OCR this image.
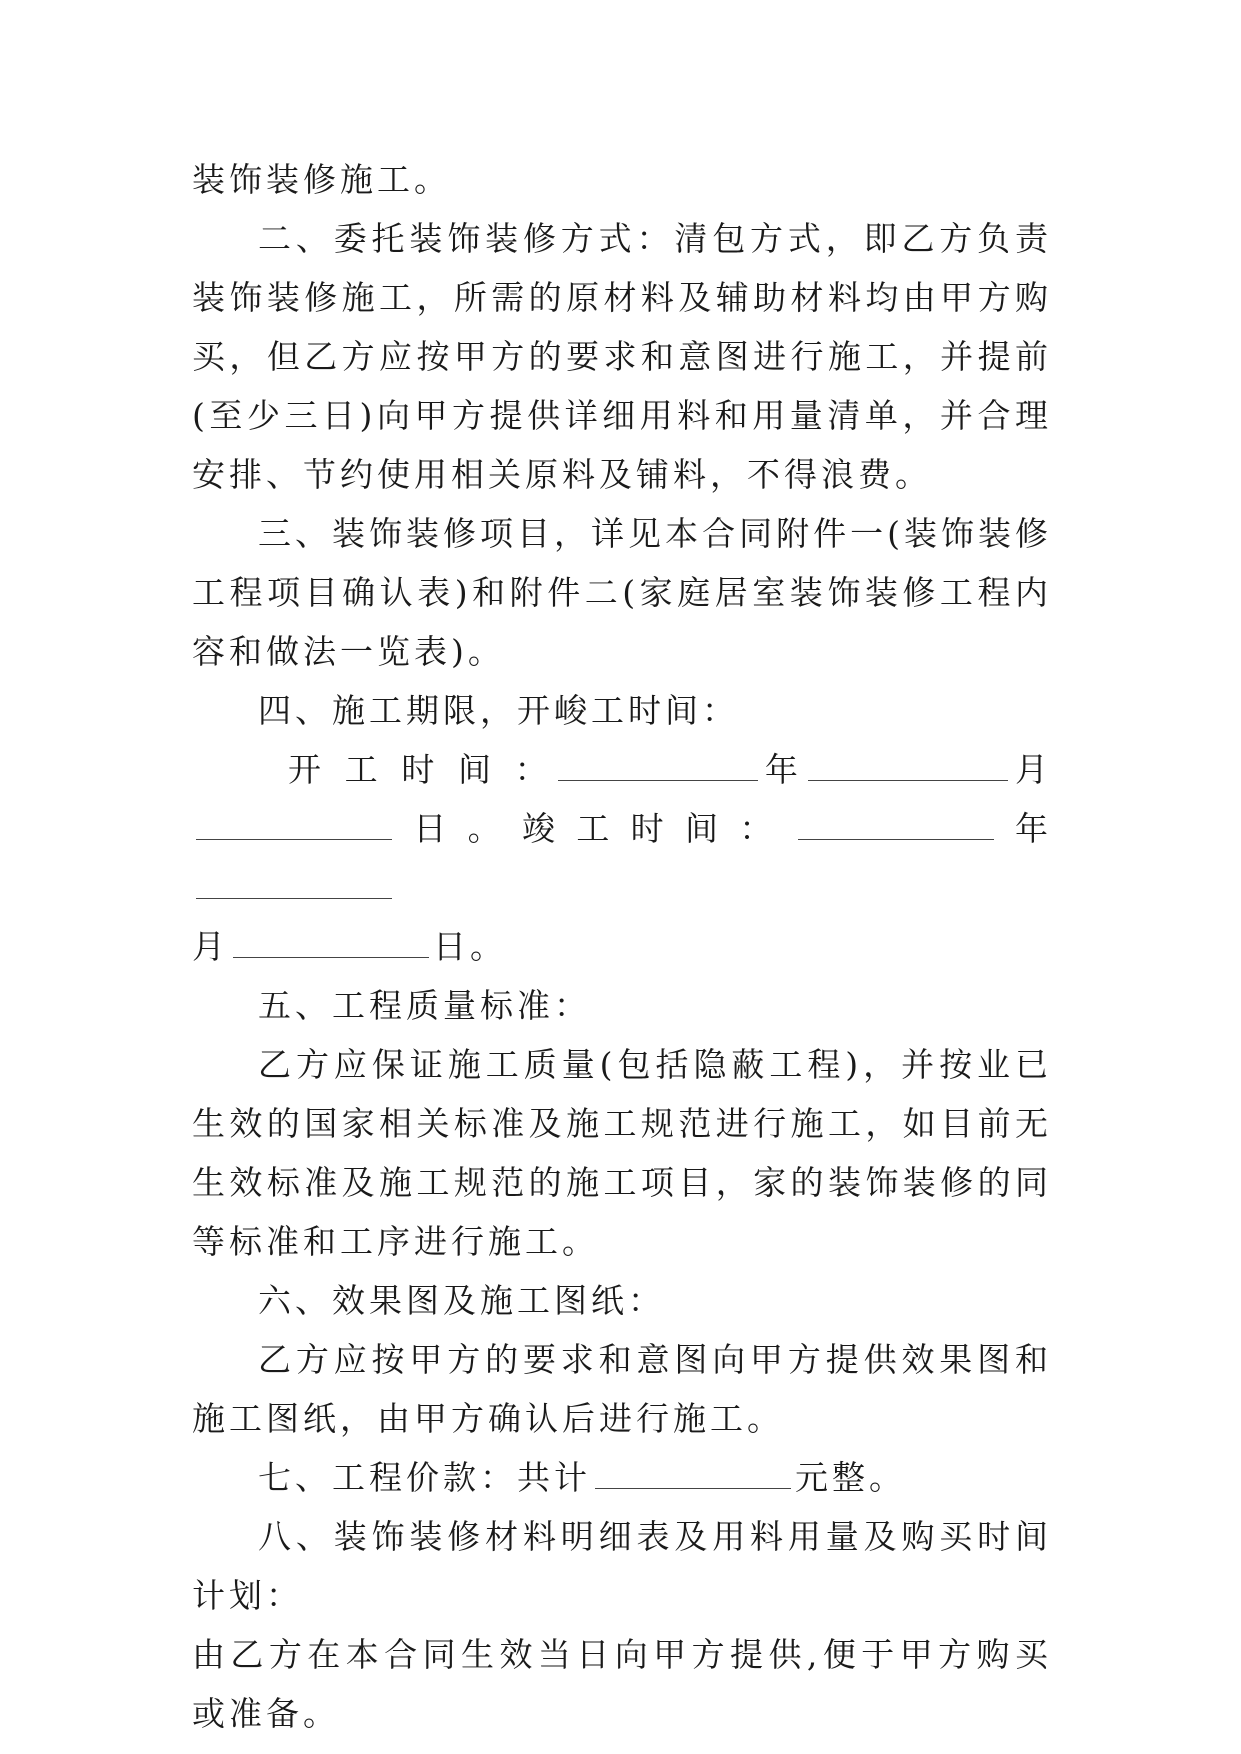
装饰装修施工。

二、委托装饰装修方式：清包方式，即乙方负责装饰装修施工，所需的原材料及辅助材料均由甲方购买，但乙方应按甲方的要求和意图进行施工，并提前(至少三日)向甲方提供详细用料和用量清单，并合理安排、节约使用相关原料及铺料，不得浪费。

三、装饰装修项目，详见本合同附件一(装饰装修工程项目确认表)和附件二(家庭居室装饰装修工程内容和做法一览表)。

四、施工期限，开峻工时间：

开 工 时 间 ：	年	月

日。竣工时间：	年

月	日。

五、工程质量标准：

乙方应保证施工质量(包括隐蔽工程)，并按业已生效的国家相关标准及施工规范进行施工，如目前无生效标准及施工规范的施工项目，家的装饰装修的同等标准和工序进行施工。

六、效果图及施工图纸：

乙方应按甲方的要求和意图向甲方提供效果图和施工图纸，由甲方确认后进行施工。

七、工程价款：共计	元整。

八、装饰装修材料明细表及用料用量及购买时间计划：

由乙方在本合同生效当日向甲方提供,便于甲方购买或准备。
